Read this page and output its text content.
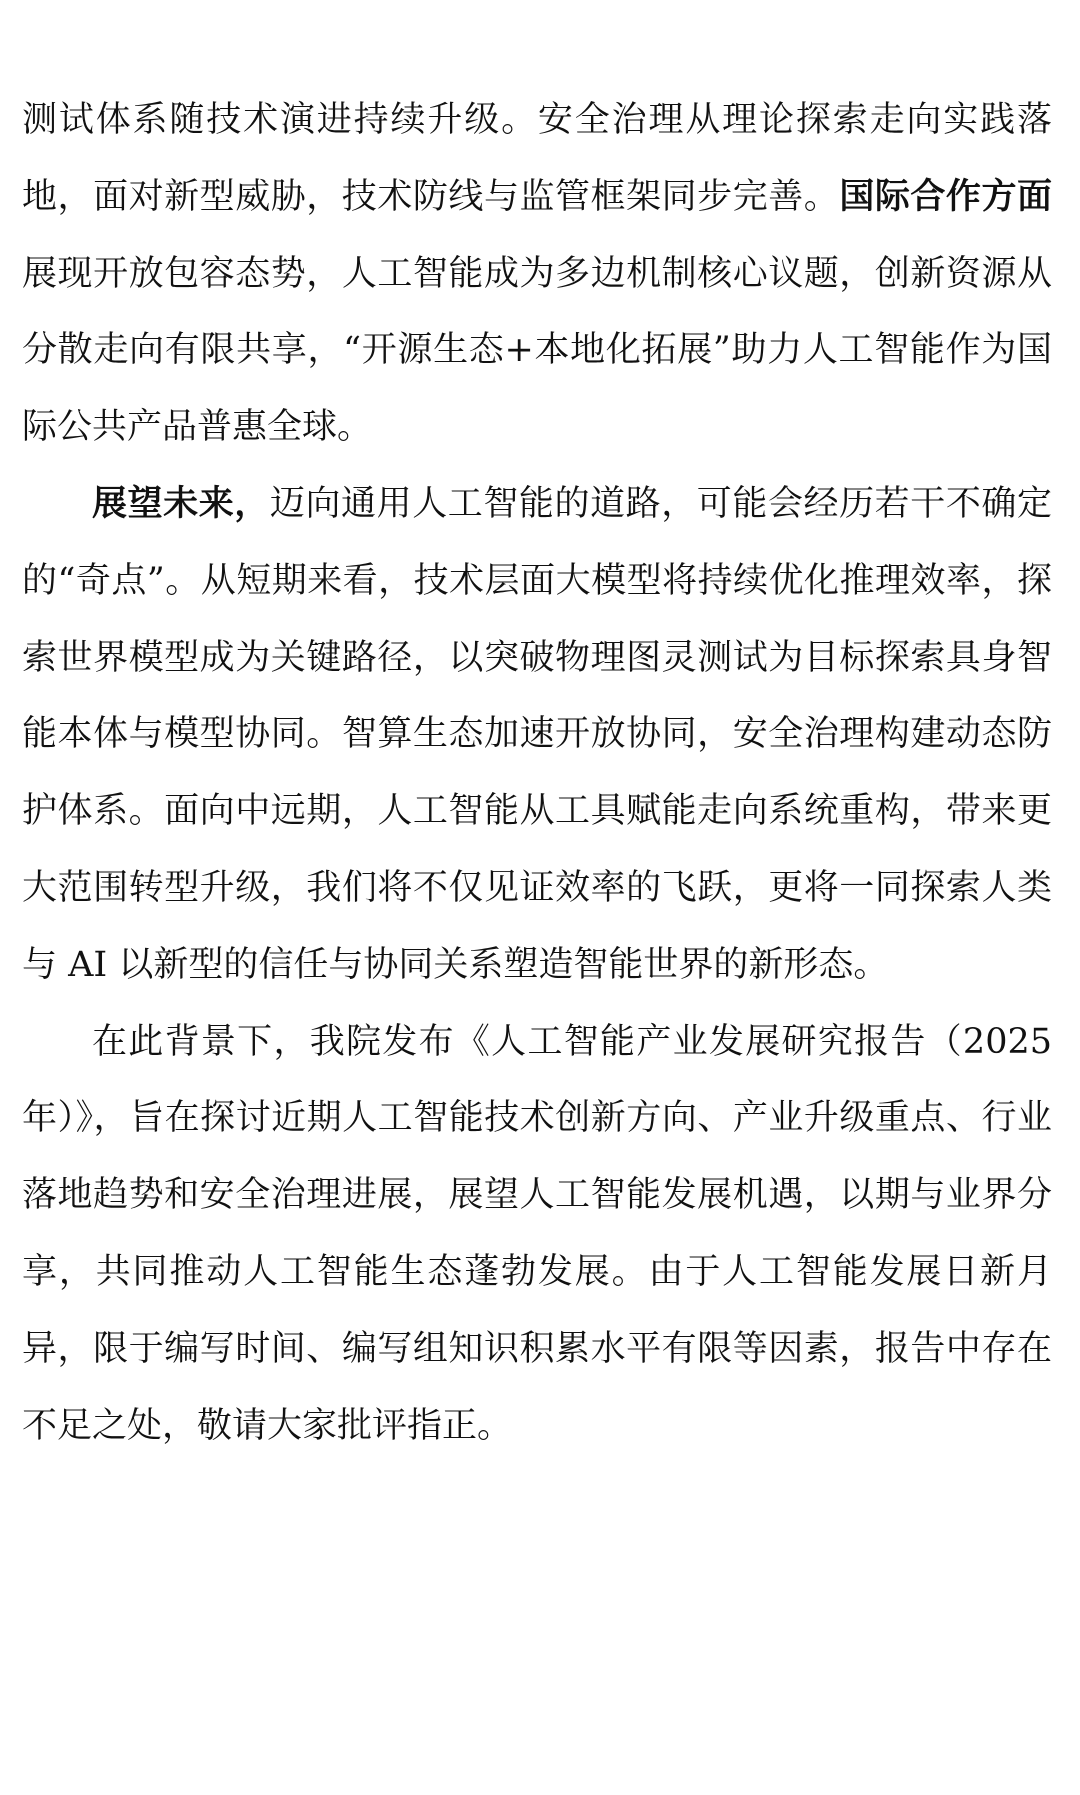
测试体系随技术演进持续升级。安全治理从理论探索走向实践落地，面对新型威胁，技术防线与监管框架同步完善。国际合作方面展现开放包容态势，人工智能成为多边机制核心议题，创新资源从分散走向有限共享，“开源生态+本地化拓展”助力人工智能作为国际公共产品普惠全球。

展望未来，迈向通用人工智能的道路，可能会经历若干不确定的“奇点”。从短期来看，技术层面大模型将持续优化推理效率，探索世界模型成为关键路径，以突破物理图灵测试为目标探索具身智能本体与模型协同。智算生态加速开放协同，安全治理构建动态防护体系。面向中远期，人工智能从工具赋能走向系统重构，带来更大范围转型升级，我们将不仅见证效率的飞跃，更将一同探索人类与 AI 以新型的信任与协同关系塑造智能世界的新形态。

在此背景下，我院发布《人工智能产业发展研究报告（2025 年）》，旨在探讨近期人工智能技术创新方向、产业升级重点、行业落地趋势和安全治理进展，展望人工智能发展机遇，以期与业界分享，共同推动人工智能生态蓬勃发展。由于人工智能发展日新月异，限于编写时间、编写组知识积累水平有限等因素，报告中存在不足之处，敬请大家批评指正。
